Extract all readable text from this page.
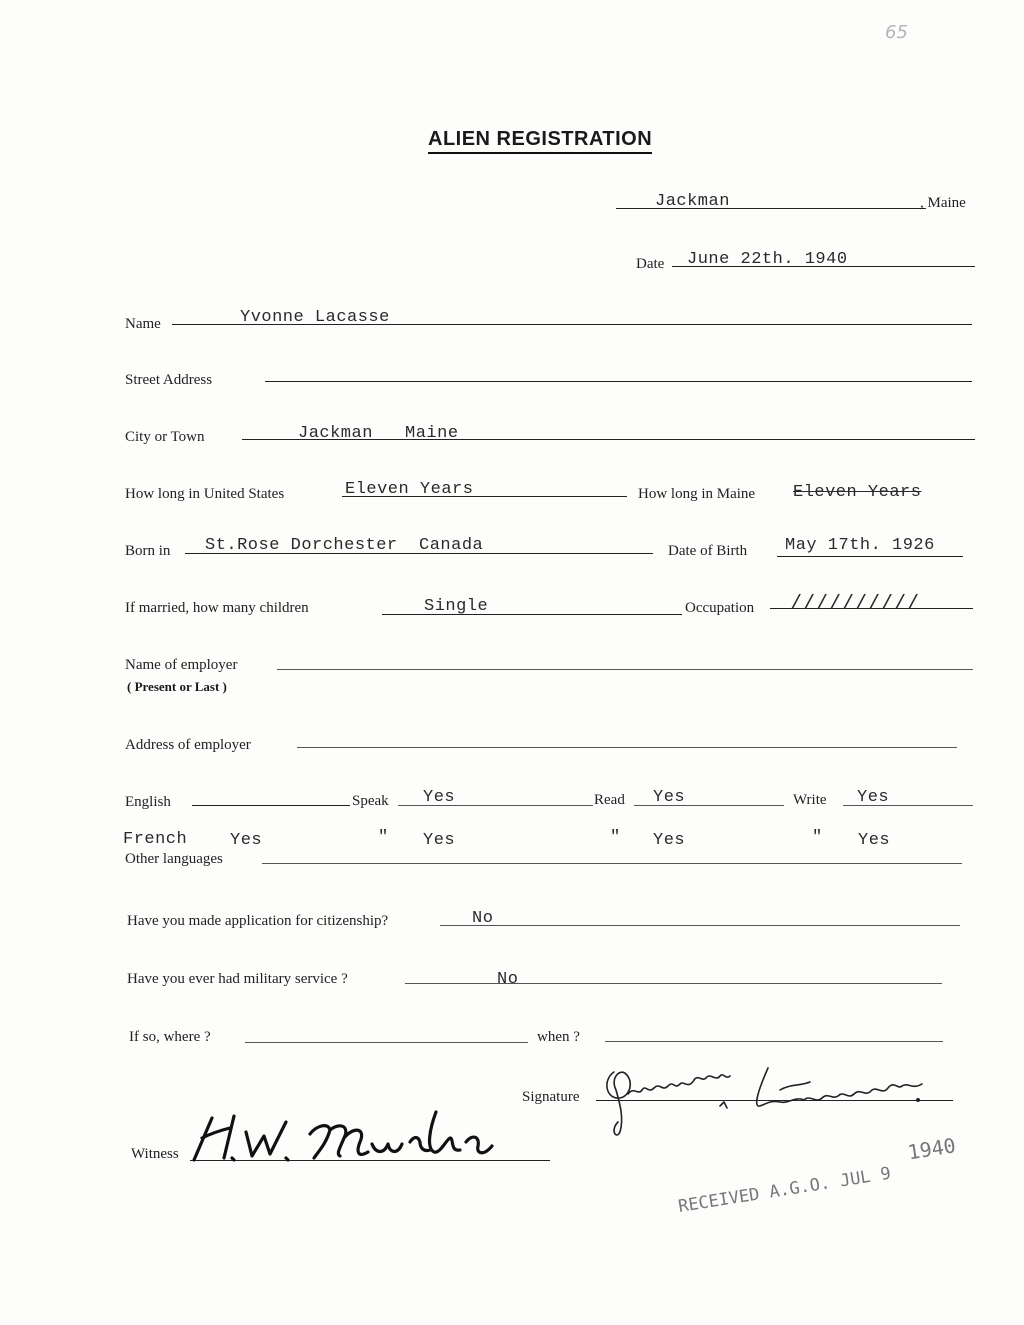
65
ALIEN REGISTRATION
Jackman	, Maine
Date June 22th. 1940
Name	Yvonne Lacasse
Street Address
City or Town	Jackman   Maine
How long in United States	Eleven Years	How long in Maine Eleven Years
Born in St.Rose Dorchester  Canada	Date of Birth May 17th. 1926
If married, how many children	Single	Occupation //////////
Name of employer
( Present or Last )
Address of employer
English	Speak Yes	Read Yes	Write Yes
French	Yes	" Yes	" Yes	" Yes
Other languages
Have you made application for citizenship?	No
Have you ever had military service ?	No
If so, where ?	when ?
Signature
Witness
RECEIVED A.G.O. JUL 9 1940
